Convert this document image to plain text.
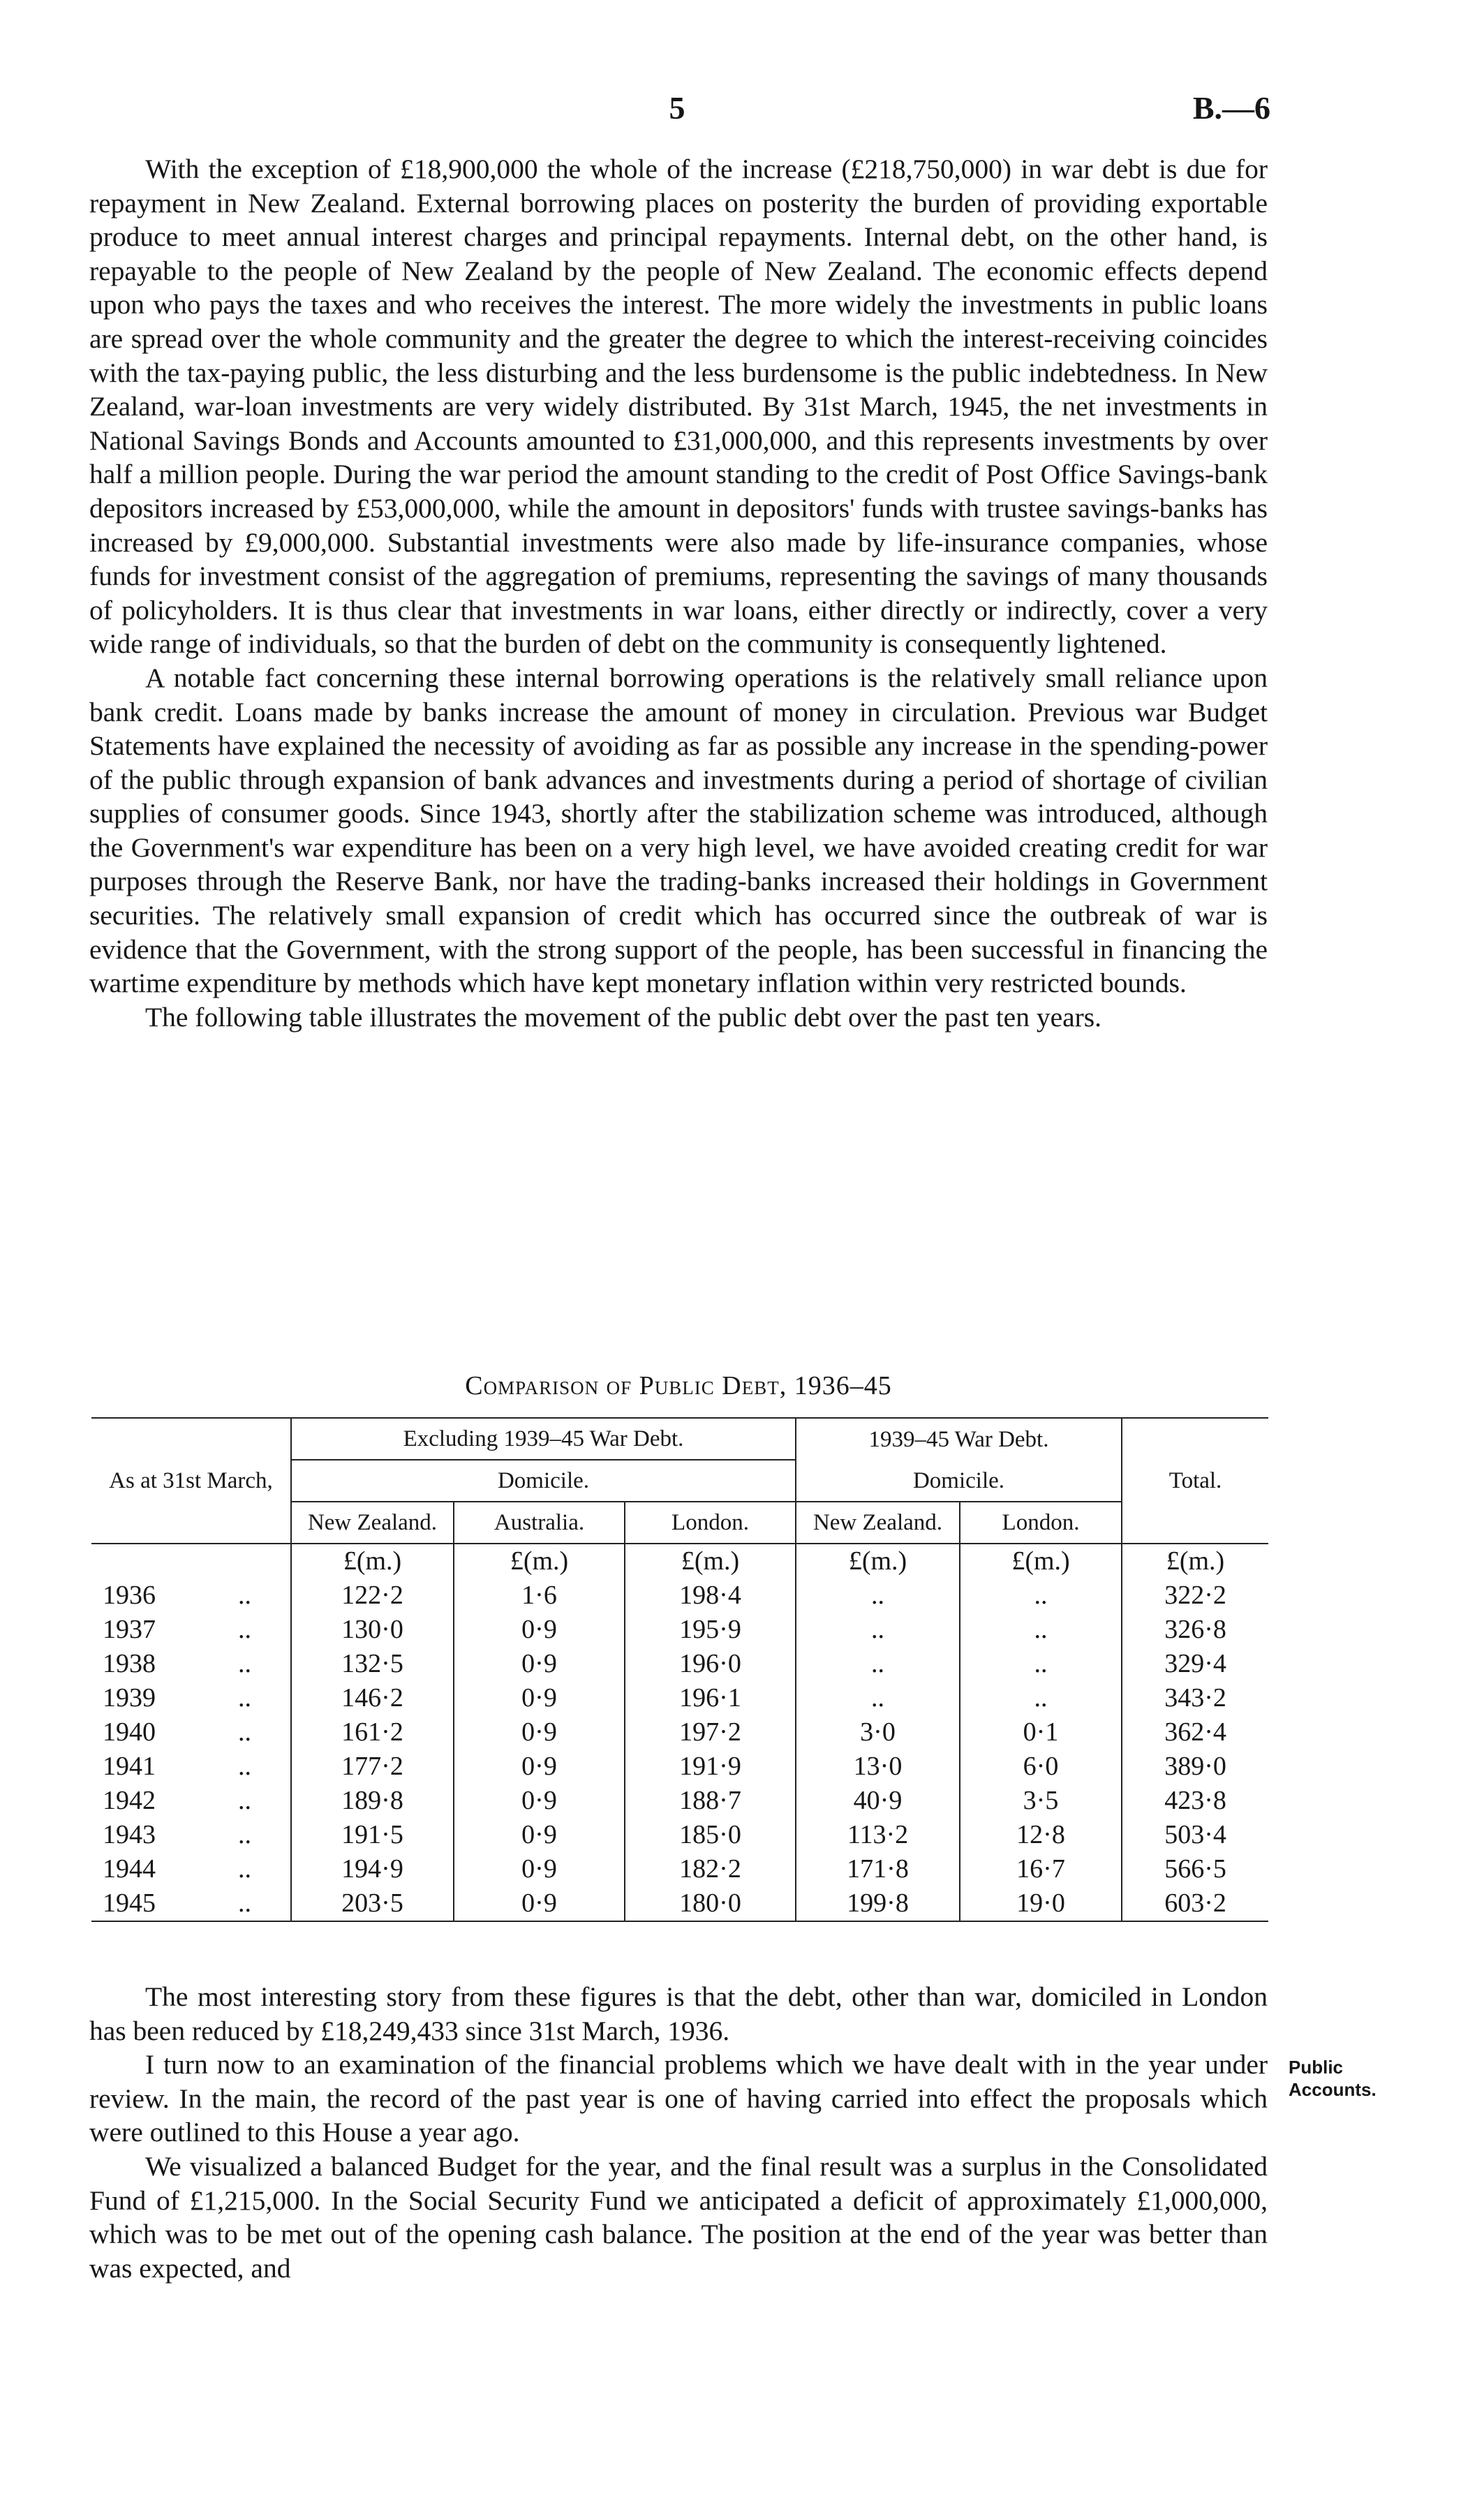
5	B.—6

With the exception of £18,900,000 the whole of the increase (£218,750,000) in war debt is due for repayment in New Zealand. External borrowing places on posterity the burden of providing exportable produce to meet annual interest charges and principal repayments. Internal debt, on the other hand, is repayable to the people of New Zealand by the people of New Zealand. The economic effects depend upon who pays the taxes and who receives the interest. The more widely the investments in public loans are spread over the whole community and the greater the degree to which the interest-receiving coincides with the tax-paying public, the less disturbing and the less burdensome is the public indebtedness. In New Zealand, war-loan investments are very widely distributed. By 31st March, 1945, the net investments in National Savings Bonds and Accounts amounted to £31,000,000, and this represents investments by over half a million people. During the war period the amount standing to the credit of Post Office Savings-bank depositors increased by £53,000,000, while the amount in depositors' funds with trustee savings-banks has increased by £9,000,000. Substantial investments were also made by life-insurance companies, whose funds for investment consist of the aggregation of premiums, representing the savings of many thousands of policyholders. It is thus clear that investments in war loans, either directly or indirectly, cover a very wide range of individuals, so that the burden of debt on the community is consequently lightened.

A notable fact concerning these internal borrowing operations is the relatively small reliance upon bank credit. Loans made by banks increase the amount of money in circulation. Previous war Budget Statements have explained the necessity of avoiding as far as possible any increase in the spending-power of the public through expansion of bank advances and investments during a period of shortage of civilian supplies of consumer goods. Since 1943, shortly after the stabilization scheme was introduced, although the Government's war expenditure has been on a very high level, we have avoided creating credit for war purposes through the Reserve Bank, nor have the trading-banks increased their holdings in Government securities. The relatively small expansion of credit which has occurred since the outbreak of war is evidence that the Government, with the strong support of the people, has been successful in financing the wartime expenditure by methods which have kept monetary inflation within very restricted bounds.

The following table illustrates the movement of the public debt over the past ten years.

Comparison of Public Debt, 1936–45
As at 31st March,	Excluding 1939–45 War Debt.			1939–45 War Debt.		Total.
	Domicile.			Domicile.		
	New Zealand.	Australia.	London.	New Zealand.	London.	
	£(m.)	£(m.)	£(m.)	£(m.)	£(m.)	£(m.)

1936 ..	122·2	1·6	198·4	..	..	322·2

1937 ..	130·0	0·9	195·9	..	..	326·8

1938 ..	132·5	0·9	196·0	..	..	329·4

1939 ..	146·2	0·9	196·1	..	..	343·2

1940 ..	161·2	0·9	197·2	3·0	0·1	362·4

1941 ..	177·2	0·9	191·9	13·0	6·0	389·0

1942 ..	189·8	0·9	188·7	40·9	3·5	423·8

1943 ..	191·5	0·9	185·0	113·2	12·8	503·4

1944 ..	194·9	0·9	182·2	171·8	16·7	566·5

1945 ..	203·5	0·9	180·0	199·8	19·0	603·2

The most interesting story from these figures is that the debt, other than war, domiciled in London has been reduced by £18,249,433 since 31st March, 1936.

I turn now to an examination of the financial problems which we have dealt with in the year under review. In the main, the record of the past year is one of having carried into effect the proposals which were outlined to this House a year ago.

We visualized a balanced Budget for the year, and the final result was a surplus in the Consolidated Fund of £1,215,000. In the Social Security Fund we anticipated a deficit of approximately £1,000,000, which was to be met out of the opening cash balance. The position at the end of the year was better than was expected, and

Public Accounts.
